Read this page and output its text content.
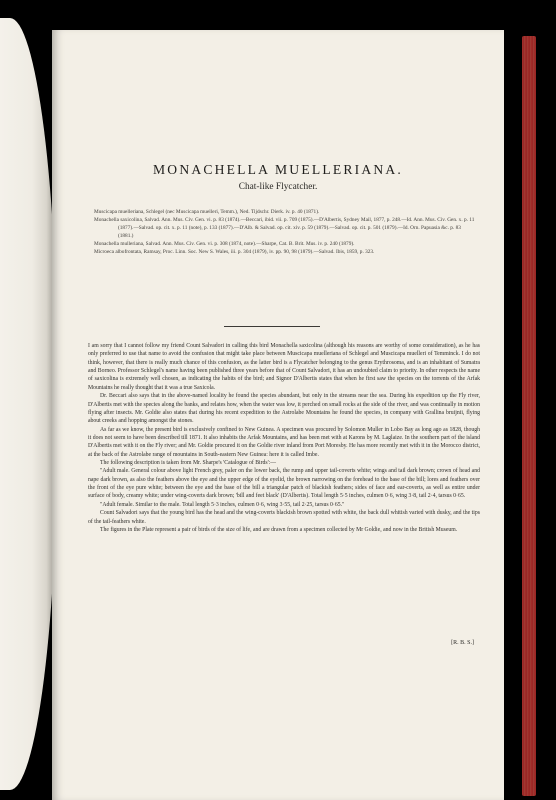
MONACHELLA MUELLERIANA.
Chat-like Flycatcher.
Muscicapa muelleriana, Schlegel (nec Muscicapa muelleri, Temm.), Ned. Tijdschr. Dierk. iv. p. 40 (1871).
Monachella saxicolina, Salvad. Ann. Mus. Civ. Gen. vi. p. 83 (1874).—Beccari, ibid. vii. p. 709 (1875).—D'Albertis, Sydney Mail, 1877, p. 248.—Id. Ann. Mus. Civ. Gen. x. p. 11 (1877).—Salvad. op. cit. x. p. 11 (note), p. 133 (1877).—D'Alb. & Salvad. op. cit. xiv. p. 59 (1879).—Salvad. op. cit. p. 501 (1879).—Id. Orn. Papuasia &c. p. 83 (1881.)
Monachella mulleriana, Salvad. Ann. Mus. Civ. Gen. vi. p. 308 (1874, note).—Sharpe, Cat. B. Brit. Mus. iv. p. 240 (1879).
Microeca albofrontata, Ramsay, Proc. Linn. Soc. New S. Wales, iii. p. 304 (1879), iv. pp. 90, 98 (1879).—Salvad. Ibis, 1859, p. 323.

I am sorry that I cannot follow my friend Count Salvadori in calling this bird Monachella saxicolina (although his reasons are worthy of some consideration), as he has only preferred to use that name to avoid the confusion that might take place between Muscicapa muelleriana of Schlegel and Muscicapa muelleri of Temminck. I do not think, however, that there is really much chance of this confusion, as the latter bird is a Flycatcher belonging to the genus Erythrosoma, and is an inhabitant of Sumatra and Borneo. Professor Schlegel's name having been published three years before that of Count Salvadori, it has an undoubted claim to priority. In other respects the name of saxicolina is extremely well chosen, as indicating the habits of the bird; and Signor D'Albertis states that when he first saw the species on the torrents of the Arfak Mountains he really thought that it was a true Saxicola.

Dr. Beccari also says that in the above-named locality he found the species abundant, but only in the streams near the sea. During his expedition up the Fly river, D'Albertis met with the species along the banks, and relates how, when the water was low, it perched on small rocks at the side of the river, and was continually in motion flying after insects. Mr. Goldie also states that during his recent expedition to the Astrolabe Mountains he found the species, in company with Grallina bruijnii, flying about creeks and hopping amongst the stones.

As far as we know, the present bird is exclusively confined to New Guinea. A specimen was procured by Solomon Muller in Lobo Bay as long ago as 1828, though it does not seem to have been described till 1871. It also inhabits the Arfak Mountains, and has been met with at Karons by M. Laglaize. In the southern part of the island D'Albertis met with it on the Fly river; and Mr. Goldie procured it on the Goldie river inland from Port Moresby. He has more recently met with it in the Morocco district, at the back of the Astrolabe range of mountains in South-eastern New Guinea: here it is called Imbe.

The following description is taken from Mr. Sharpe's 'Catalogue of Birds':—

"Adult male. General colour above light French grey, paler on the lower back, the rump and upper tail-coverts white; wings and tail dark brown; crown of head and nape dark brown, as also the feathers above the eye and the upper edge of the eyelid, the brown narrowing on the forehead to the base of the bill; lores and feathers over the front of the eye pure white; between the eye and the base of the bill a triangular patch of blackish feathers; sides of face and ear-coverts, as well as entire under surface of body, creamy white; under wing-coverts dark brown; 'bill and feet black' (D'Albertis). Total length 5·5 inches, culmen 0·6, wing 3·8, tail 2·4, tarsus 0·65.

"Adult female. Similar to the male. Total length 5·3 inches, culmen 0·6, wing 3·55, tail 2·25, tarsus 0·65."

Count Salvadori says that the young bird has the head and the wing-coverts blackish brown spotted with white, the back dull whitish varied with dusky, and the tips of the tail-feathers white.

The figures in the Plate represent a pair of birds of the size of life, and are drawn from a specimen collected by Mr Goldie, and now in the British Museum.

[R. B. S.]
